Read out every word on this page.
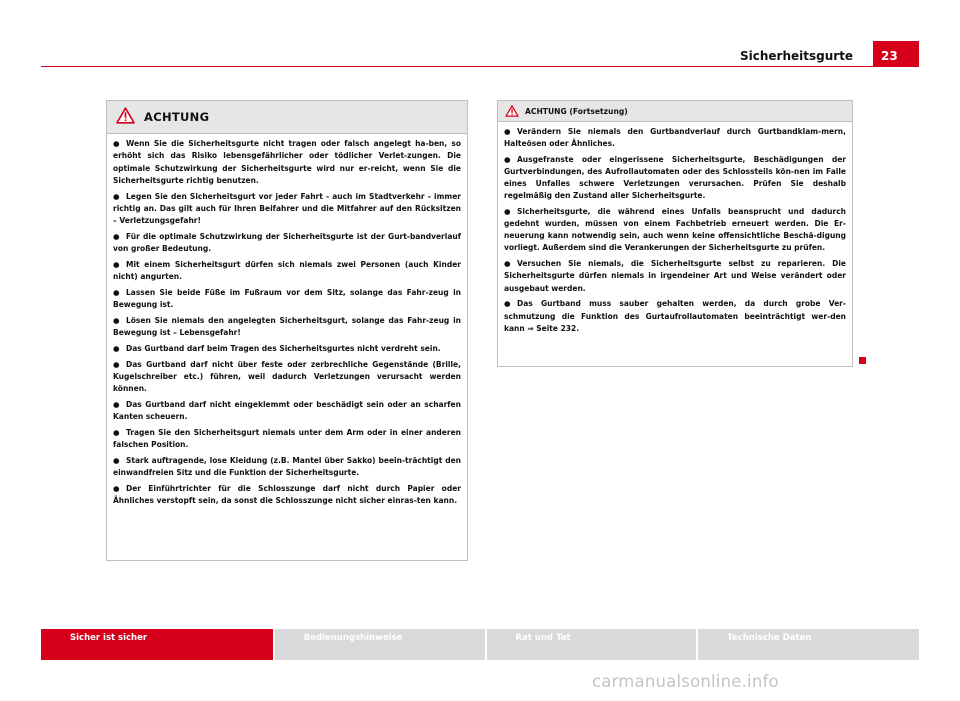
Sicherheitsgurte 23
ACHTUNG
● Wenn Sie die Sicherheitsgurte nicht tragen oder falsch angelegt ha-ben, so erhöht sich das Risiko lebensgefährlicher oder tödlicher Verlet-zungen. Die optimale Schutzwirkung der Sicherheitsgurte wird nur er-reicht, wenn Sie die Sicherheitsgurte richtig benutzen.
● Legen Sie den Sicherheitsgurt vor jeder Fahrt - auch im Stadtverkehr - immer richtig an. Das gilt auch für Ihren Beifahrer und die Mitfahrer auf den Rücksitzen – Verletzungsgefahr!
● Für die optimale Schutzwirkung der Sicherheitsgurte ist der Gurt-bandverlauf von großer Bedeutung.
● Mit einem Sicherheitsgurt dürfen sich niemals zwei Personen (auch Kinder nicht) angurten.
● Lassen Sie beide Füße im Fußraum vor dem Sitz, solange das Fahr-zeug in Bewegung ist.
● Lösen Sie niemals den angelegten Sicherheitsgurt, solange das Fahr-zeug in Bewegung ist – Lebensgefahr!
● Das Gurtband darf beim Tragen des Sicherheitsgurtes nicht verdreht sein.
● Das Gurtband darf nicht über feste oder zerbrechliche Gegenstände (Brille, Kugelschreiber etc.) führen, weil dadurch Verletzungen verursacht werden können.
● Das Gurtband darf nicht eingeklemmt oder beschädigt sein oder an scharfen Kanten scheuern.
● Tragen Sie den Sicherheitsgurt niemals unter dem Arm oder in einer anderen falschen Position.
● Stark auftragende, lose Kleidung (z.B. Mantel über Sakko) beein-trächtigt den einwandfreien Sitz und die Funktion der Sicherheitsgurte.
● Der Einführtrichter für die Schlosszunge darf nicht durch Papier oder Ähnliches verstopft sein, da sonst die Schlosszunge nicht sicher einras-ten kann.
ACHTUNG (Fortsetzung)
● Verändern Sie niemals den Gurtbandverlauf durch Gurtbandklam-mern, Halteösen oder Ähnliches.
● Ausgefranste oder eingerissene Sicherheitsgurte, Beschädigungen der Gurtverbindungen, des Aufrollautomaten oder des Schlossteils kön-nen im Falle eines Unfalles schwere Verletzungen verursachen. Prüfen Sie deshalb regelmäßig den Zustand aller Sicherheitsgurte.
● Sicherheitsgurte, die während eines Unfalls beansprucht und dadurch gedehnt wurden, müssen von einem Fachbetrieb erneuert werden. Die Er-neuerung kann notwendig sein, auch wenn keine offensichtliche Beschä-digung vorliegt. Außerdem sind die Verankerungen der Sicherheitsgurte zu prüfen.
● Versuchen Sie niemals, die Sicherheitsgurte selbst zu reparieren. Die Sicherheitsgurte dürfen niemals in irgendeiner Art und Weise verändert oder ausgebaut werden.
● Das Gurtband muss sauber gehalten werden, da durch grobe Ver-schmutzung die Funktion des Gurtaufrollautomaten beeinträchtigt wer-den kann ⇒ Seite 232.
Sicher ist sicher	Bedienungshinweise	Rat und Tat	Technische Daten
carmanualsonline.info
